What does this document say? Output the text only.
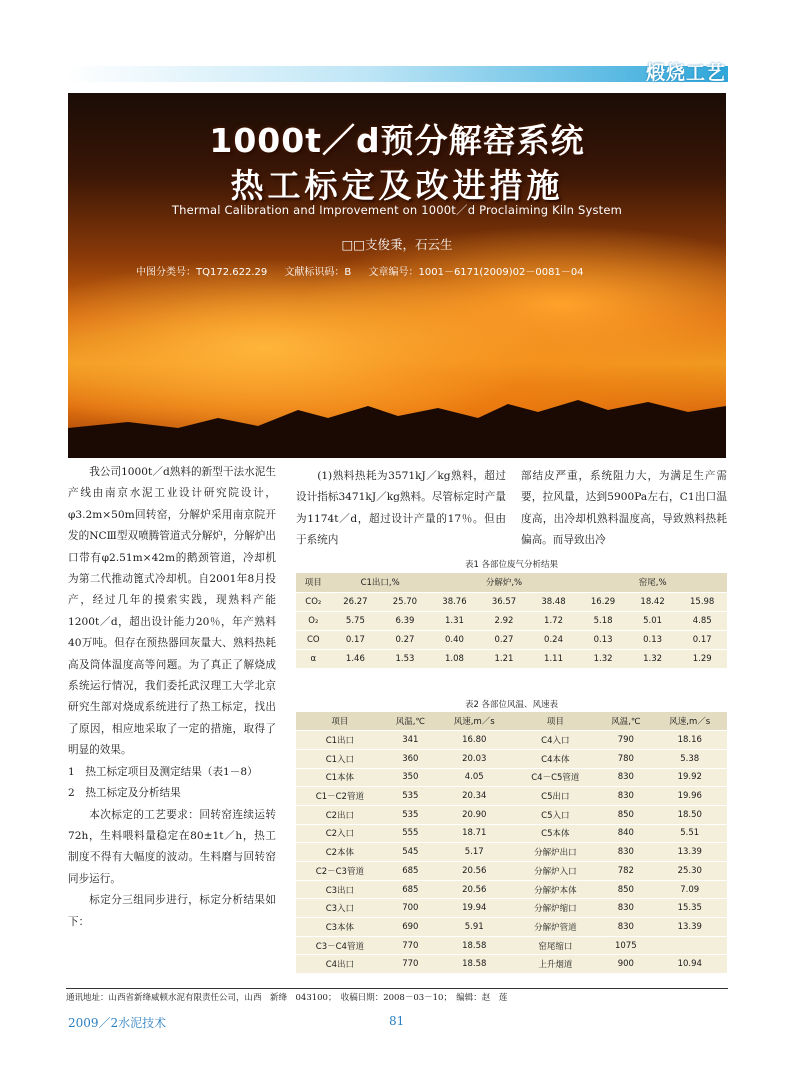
煅烧工艺
1000t／d预分解窑系统
热工标定及改进措施
Thermal Calibration and Improvement on 1000t／d Proclaiming Kiln System
□□支俊秉，石云生
中图分类号：TQ172.622.29 文献标识码：B 文章编号：1001－6171(2009)02－0081－04

我公司1000t／d熟料的新型干法水泥生产线由南京水泥工业设计研究院设计，φ3.2m×50m回转窑，分解炉采用南京院开发的NCⅢ型双喷腾管道式分解炉，分解炉出口带有φ2.51m×42m的鹅颈管道，冷却机为第二代推动篦式冷却机。自2001年8月投产，经过几年的摸索实践，现熟料产能1200t／d，超出设计能力20％，年产熟料40万吨。但存在预热器回灰量大、熟料热耗高及筒体温度高等问题。为了真正了解烧成系统运行情况，我们委托武汉理工大学北京研究生部对烧成系统进行了热工标定，找出了原因，相应地采取了一定的措施，取得了明显的效果。

1　热工标定项目及测定结果（表1－8）

2　热工标定及分析结果

本次标定的工艺要求：回转窑连续运转72h，生料喂料量稳定在80±1t／h，热工制度不得有大幅度的波动。生料磨与回转窑同步运行。

标定分三组同步进行，标定分析结果如下：

(1)熟料热耗为3571kJ／kg熟料，超过设计指标3471kJ／kg熟料。尽管标定时产量为1174t／d，超过设计产量的17％。但由于系统内

部结皮严重，系统阻力大，为满足生产需要，拉风量，达到5900Pa左右，C1出口温度高，出冷却机熟料温度高，导致熟料热耗偏高。而导致出冷

表1 各部位废气分析结果
项目	C1出口,%		分解炉,%			窑尾,%		
CO₂	26.27	25.70	38.76	36.57	38.48	16.29	18.42	15.98
O₂	5.75	6.39	1.31	2.92	1.72	5.18	5.01	4.85
CO	0.17	0.27	0.40	0.27	0.24	0.13	0.13	0.17
α	1.46	1.53	1.08	1.21	1.11	1.32	1.32	1.29
表2 各部位风温、风速表
项目	风温,℃	风速,m／s	项目	风温,℃	风速,m／s
C1出口	341	16.80	C4入口	790	18.16
C1入口	360	20.03	C4本体	780	5.38
C1本体	350	4.05	C4－C5管道	830	19.92
C1－C2管道	535	20.34	C5出口	830	19.96
C2出口	535	20.90	C5入口	850	18.50
C2入口	555	18.71	C5本体	840	5.51
C2本体	545	5.17	分解炉出口	830	13.39
C2－C3管道	685	20.56	分解炉入口	782	25.30
C3出口	685	20.56	分解炉本体	850	7.09
C3入口	700	19.94	分解炉缩口	830	15.35
C3本体	690	5.91	分解炉管道	830	13.39
C3－C4管道	770	18.58	窑尾缩口	1075	
C4出口	770	18.58	上升烟道	900	10.94
通讯地址：山西省新绛威顿水泥有限责任公司，山西　新绛　043100；　收稿日期：2008－03－10；　编辑：赵　莲
2009／2水泥技术	81
